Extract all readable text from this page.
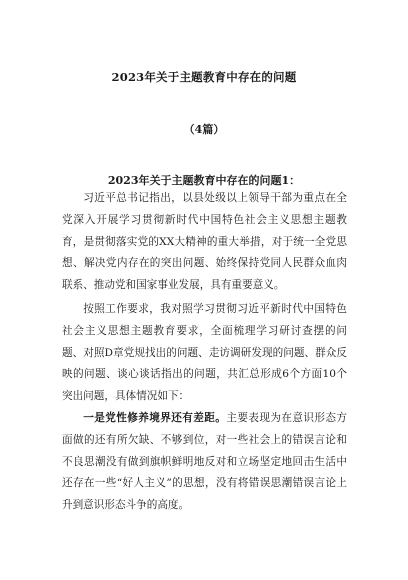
2023年关于主题教育中存在的问题
（4篇）
2023年关于主题教育中存在的问题1：

习近平总书记指出，以县处级以上领导干部为重点在全党深入开展学习贯彻新时代中国特色社会主义思想主题教育，是贯彻落实党的XX大精神的重大举措，对于统一全党思想、解决党内存在的突出问题、始终保持党同人民群众血肉联系、推动党和国家事业发展，具有重要意义。

按照工作要求，我对照学习贯彻习近平新时代中国特色社会主义思想主题教育要求，全面梳理学习研讨查摆的问题、对照D章党规找出的问题、走访调研发现的问题、群众反映的问题、谈心谈话指出的问题，共汇总形成6个方面10个突出问题，具体情况如下：

一是党性修养境界还有差距。主要表现为在意识形态方面做的还有所欠缺、不够到位，对一些社会上的错误言论和不良思潮没有做到旗帜鲜明地反对和立场坚定地回击生活中还存在一些“好人主义”的思想，没有将错误思潮错误言论上升到意识形态斗争的高度。
